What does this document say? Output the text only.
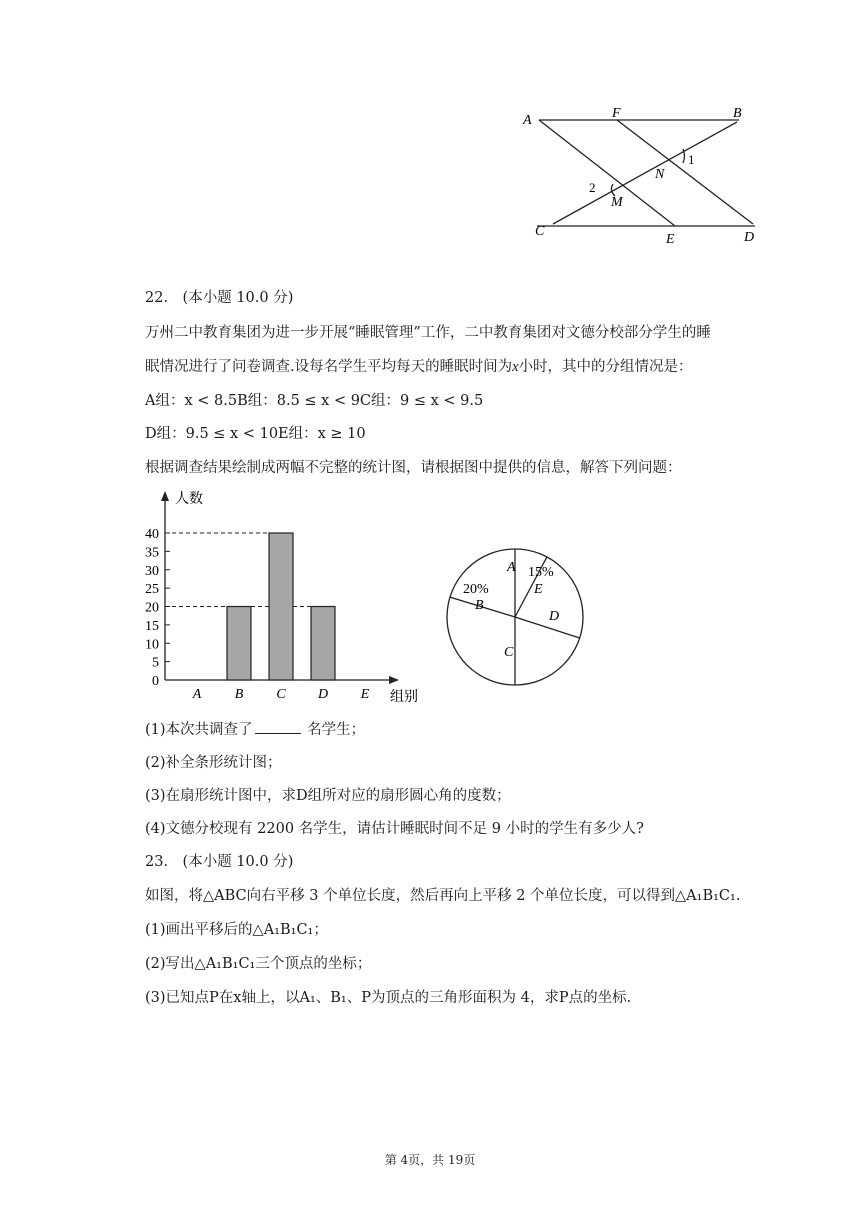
A	F	B
N
1
2
M
C
E	D
22.　(本小题 10.0 分)
万州二中教育集团为进一步开展“睡眠管理”工作，二中教育集团对文德分校部分学生的睡
眠情况进行了问卷调查.设每名学生平均每天的睡眠时间为x小时，其中的分组情况是：
A组：x < 8.5B组：8.5 ≤ x < 9C组：9 ≤ x < 9.5
D组：9.5 ≤ x < 10E组：x ≥ 10
根据调查结果绘制成两幅不完整的统计图，请根据图中提供的信息，解答下列问题：
0
5
10
15
20
25
30
35
40
A B C D E
人数
组别
A
E
15%
D
C
B
20%
(1)本次共调查了	名学生；
(2)补全条形统计图；
(3)在扇形统计图中，求D组所对应的扇形圆心角的度数；
(4)文德分校现有 2200 名学生，请估计睡眠时间不足 9 小时的学生有多少人?
23.　(本小题 10.0 分)
如图，将△ABC向右平移 3 个单位长度，然后再向上平移 2 个单位长度，可以得到△A₁B₁C₁.
(1)画出平移后的△A₁B₁C₁；
(2)写出△A₁B₁C₁三个顶点的坐标；
(3)已知点P在x轴上，以A₁、B₁、P为顶点的三角形面积为 4，求P点的坐标.
第 4页，共 19页
